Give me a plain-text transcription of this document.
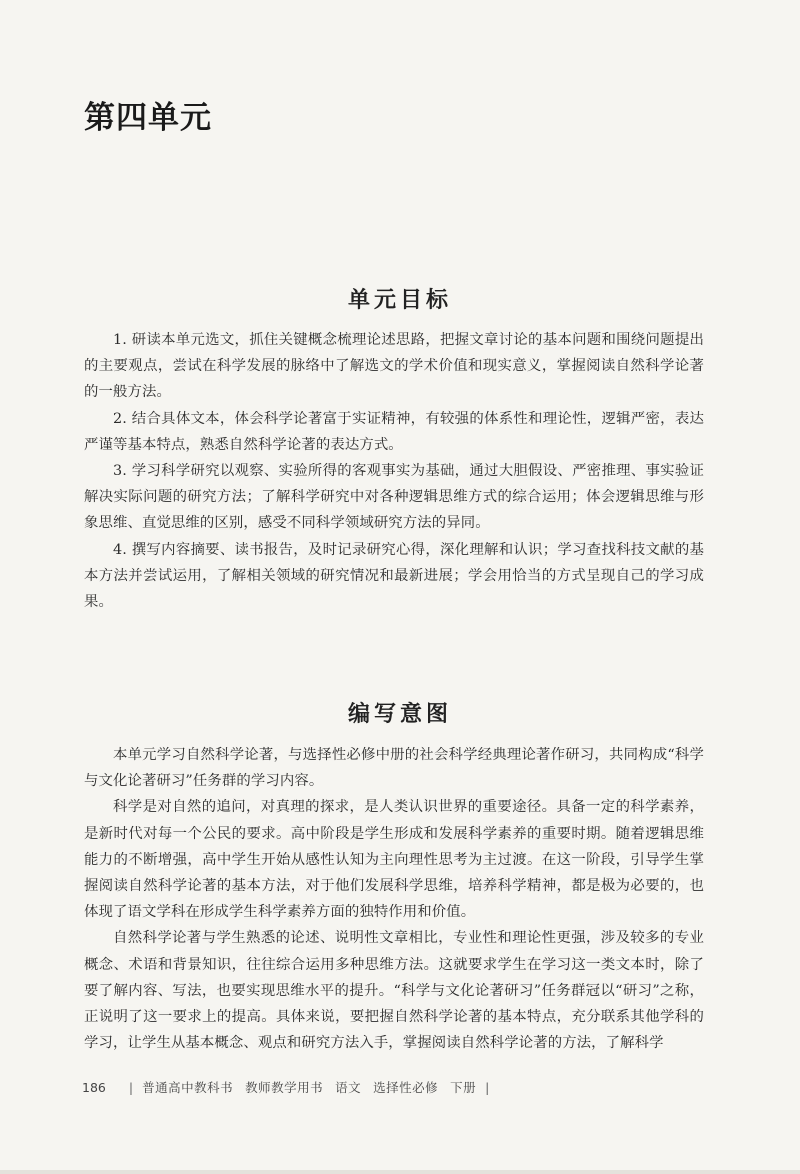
第四单元
单元目标

1. 研读本单元选文，抓住关键概念梳理论述思路，把握文章讨论的基本问题和围绕问题提出的主要观点，尝试在科学发展的脉络中了解选文的学术价值和现实意义，掌握阅读自然科学论著的一般方法。

2. 结合具体文本，体会科学论著富于实证精神，有较强的体系性和理论性，逻辑严密，表达严谨等基本特点，熟悉自然科学论著的表达方式。

3. 学习科学研究以观察、实验所得的客观事实为基础，通过大胆假设、严密推理、事实验证解决实际问题的研究方法；了解科学研究中对各种逻辑思维方式的综合运用；体会逻辑思维与形象思维、直觉思维的区别，感受不同科学领域研究方法的异同。

4. 撰写内容摘要、读书报告，及时记录研究心得，深化理解和认识；学习查找科技文献的基本方法并尝试运用，了解相关领域的研究情况和最新进展；学会用恰当的方式呈现自己的学习成果。

编写意图

本单元学习自然科学论著，与选择性必修中册的社会科学经典理论著作研习，共同构成“科学与文化论著研习”任务群的学习内容。

科学是对自然的追问，对真理的探求，是人类认识世界的重要途径。具备一定的科学素养，是新时代对每一个公民的要求。高中阶段是学生形成和发展科学素养的重要时期。随着逻辑思维能力的不断增强，高中学生开始从感性认知为主向理性思考为主过渡。在这一阶段，引导学生掌握阅读自然科学论著的基本方法，对于他们发展科学思维，培养科学精神，都是极为必要的，也体现了语文学科在形成学生科学素养方面的独特作用和价值。

自然科学论著与学生熟悉的论述、说明性文章相比，专业性和理论性更强，涉及较多的专业概念、术语和背景知识，往往综合运用多种思维方法。这就要求学生在学习这一类文本时，除了要了解内容、写法，也要实现思维水平的提升。“科学与文化论著研习”任务群冠以“研习”之称，正说明了这一要求上的提高。具体来说，要把握自然科学论著的基本特点，充分联系其他学科的学习，让学生从基本概念、观点和研究方法入手，掌握阅读自然科学论著的方法，了解科学

186 | 普通高中教科书 教师教学用书 语文 选择性必修 下册 |
